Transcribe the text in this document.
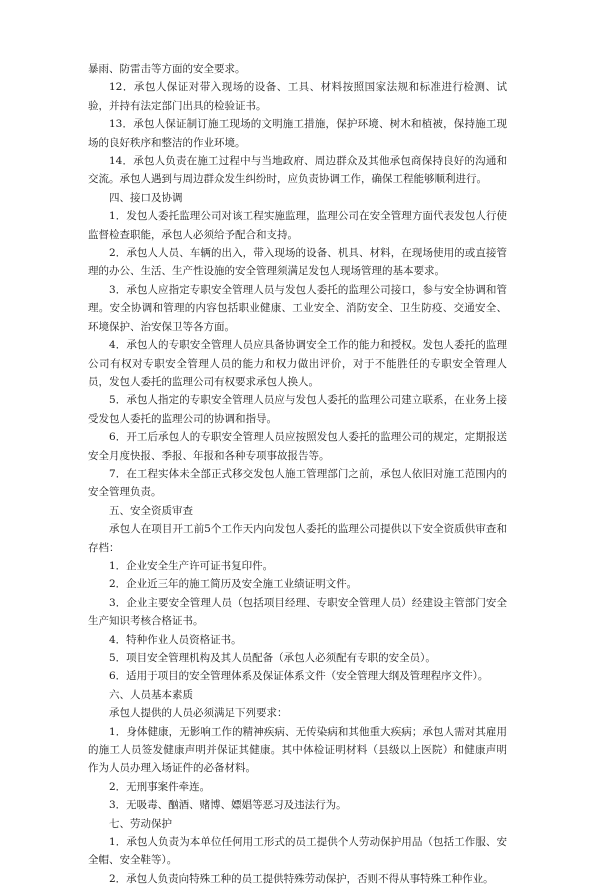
暴雨、防雷击等方面的安全要求。

12．承包人保证对带入现场的设备、工具、材料按照国家法规和标准进行检测、试验，并持有法定部门出具的检验证书。

13．承包人保证制订施工现场的文明施工措施，保护环境、树木和植被，保持施工现场的良好秩序和整洁的作业环境。

14．承包人负责在施工过程中与当地政府、周边群众及其他承包商保持良好的沟通和交流。承包人遇到与周边群众发生纠纷时，应负责协调工作，确保工程能够顺利进行。

四、接口及协调

1．发包人委托监理公司对该工程实施监理，监理公司在安全管理方面代表发包人行使监督检查职能，承包人必须给予配合和支持。

2．承包人人员、车辆的出入，带入现场的设备、机具、材料，在现场使用的或直接管理的办公、生活、生产性设施的安全管理须满足发包人现场管理的基本要求。

3．承包人应指定专职安全管理人员与发包人委托的监理公司接口，参与安全协调和管理。安全协调和管理的内容包括职业健康、工业安全、消防安全、卫生防疫、交通安全、环境保护、治安保卫等各方面。

4．承包人的专职安全管理人员应具备协调安全工作的能力和授权。发包人委托的监理公司有权对专职安全管理人员的能力和权力做出评价，对于不能胜任的专职安全管理人员，发包人委托的监理公司有权要求承包人换人。

5．承包人指定的专职安全管理人员应与发包人委托的监理公司建立联系，在业务上接受发包人委托的监理公司的协调和指导。

6．开工后承包人的专职安全管理人员应按照发包人委托的监理公司的规定，定期报送安全月度快报、季报、年报和各种专项事故报告等。

7．在工程实体未全部正式移交发包人施工管理部门之前，承包人依旧对施工范围内的安全管理负责。

五、安全资质审查

承包人在项目开工前5个工作天内向发包人委托的监理公司提供以下安全资质供审查和存档：

1．企业安全生产许可证书复印件。

2．企业近三年的施工简历及安全施工业绩证明文件。

3．企业主要安全管理人员（包括项目经理、专职安全管理人员）经建设主管部门安全生产知识考核合格证书。

4．特种作业人员资格证书。

5．项目安全管理机构及其人员配备（承包人必须配有专职的安全员）。

6．适用于项目的安全管理体系及保证体系文件（安全管理大纲及管理程序文件）。

六、人员基本素质

承包人提供的人员必须满足下列要求：

1．身体健康，无影响工作的精神疾病、无传染病和其他重大疾病；承包人需对其雇用的施工人员签发健康声明并保证其健康。其中体检证明材料（县级以上医院）和健康声明作为人员办理入场证件的必备材料。

2．无刑事案件牵连。

3．无吸毒、酗酒、赌博、嫖娼等恶习及违法行为。

七、劳动保护

1．承包人负责为本单位任何用工形式的员工提供个人劳动保护用品（包括工作服、安全帽、安全鞋等）。

2．承包人负责向特殊工种的员工提供特殊劳动保护，否则不得从事特殊工种作业。
